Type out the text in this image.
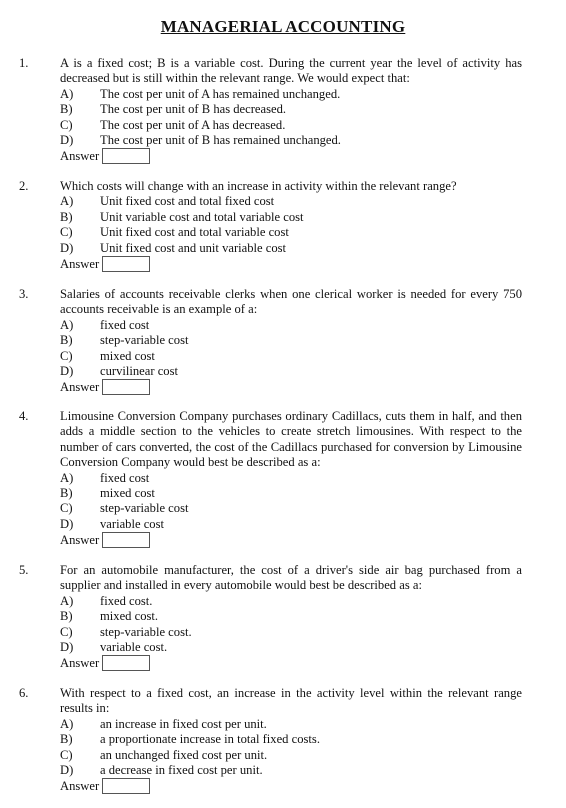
MANAGERIAL ACCOUNTING
1.	A is a fixed cost; B is a variable cost. During the current year the level of activity has decreased but is still within the relevant range. We would expect that:

A) The cost per unit of A has remained unchanged.
B) The cost per unit of B has decreased.
C) The cost per unit of A has decreased.
D) The cost per unit of B has remained unchanged.
Answer
2.	Which costs will change with an increase in activity within the relevant range?

A) Unit fixed cost and total fixed cost
B) Unit variable cost and total variable cost
C) Unit fixed cost and total variable cost
D) Unit fixed cost and unit variable cost
Answer
3.	Salaries of accounts receivable clerks when one clerical worker is needed for every 750 accounts receivable is an example of a:

A) fixed cost
B) step-variable cost
C) mixed cost
D) curvilinear cost
Answer
4.	Limousine Conversion Company purchases ordinary Cadillacs, cuts them in half, and then adds a middle section to the vehicles to create stretch limousines. With respect to the number of cars converted, the cost of the Cadillacs purchased for conversion by Limousine Conversion Company would best be described as a:

A) fixed cost
B) mixed cost
C) step-variable cost
D) variable cost
Answer
5.	For an automobile manufacturer, the cost of a driver's side air bag purchased from a supplier and installed in every automobile would best be described as a:

A) fixed cost.
B) mixed cost.
C) step-variable cost.
D) variable cost.
Answer
6.	With respect to a fixed cost, an increase in the activity level within the relevant range results in:

A) an increase in fixed cost per unit.
B) a proportionate increase in total fixed costs.
C) an unchanged fixed cost per unit.
D) a decrease in fixed cost per unit.
Answer
